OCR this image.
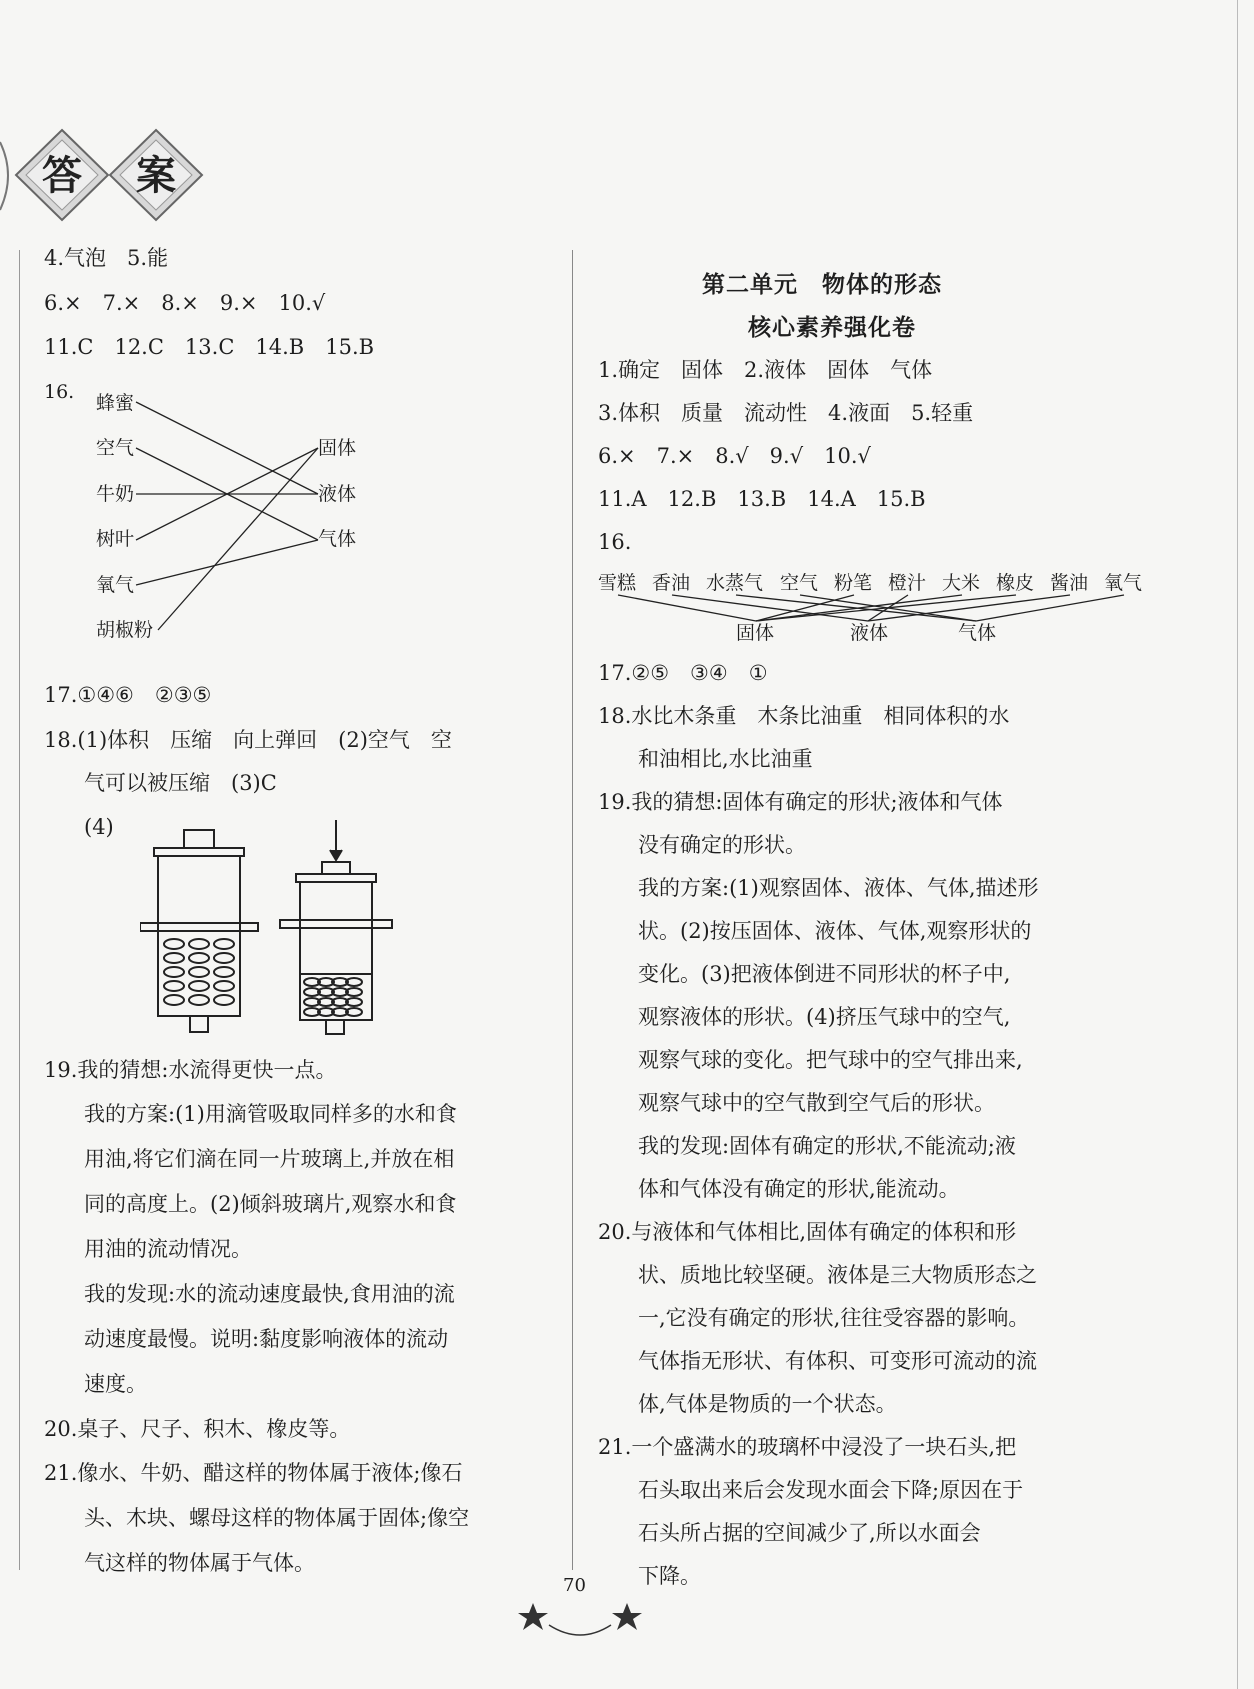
答 案
4.气泡　5.能
6.×　7.×　8.×　9.×　10.√
11.C　12.C　13.C　14.B　15.B
16. 蜂蜜
空气
牛奶
树叶
氧气
胡椒粉
固体
液体
气体
17.①④⑥　②③⑤
18.(1)体积　压缩　向上弹回　(2)空气　空
气可以被压缩　(3)C
(4)
19.我的猜想:水流得更快一点。
我的方案:(1)用滴管吸取同样多的水和食
用油,将它们滴在同一片玻璃上,并放在相
同的高度上。(2)倾斜玻璃片,观察水和食
用油的流动情况。
我的发现:水的流动速度最快,食用油的流
动速度最慢。说明:黏度影响液体的流动
速度。
20.桌子、尺子、积木、橡皮等。
21.像水、牛奶、醋这样的物体属于液体;像石
头、木块、螺母这样的物体属于固体;像空
气这样的物体属于气体。
第二单元　物体的形态
核心素养强化卷
1.确定　固体　2.液体　固体　气体
3.体积　质量　流动性　4.液面　5.轻重
6.×　7.×　8.√　9.√　10.√
11.A　12.B　13.B　14.A　15.B
16.
雪糕 香油 水蒸气 空气 粉笔 橙汁 大米 橡皮 酱油 氧气
固体	液体	气体
17.②⑤　③④　①
18.水比木条重　木条比油重　相同体积的水
和油相比,水比油重
19.我的猜想:固体有确定的形状;液体和气体
没有确定的形状。
我的方案:(1)观察固体、液体、气体,描述形
状。(2)按压固体、液体、气体,观察形状的
变化。(3)把液体倒进不同形状的杯子中,
观察液体的形状。(4)挤压气球中的空气,
观察气球的变化。把气球中的空气排出来,
观察气球中的空气散到空气后的形状。
我的发现:固体有确定的形状,不能流动;液
体和气体没有确定的形状,能流动。
20.与液体和气体相比,固体有确定的体积和形
状、质地比较坚硬。液体是三大物质形态之
一,它没有确定的形状,往往受容器的影响。
气体指无形状、有体积、可变形可流动的流
体,气体是物质的一个状态。
21.一个盛满水的玻璃杯中浸没了一块石头,把
石头取出来后会发现水面会下降;原因在于
石头所占据的空间减少了,所以水面会
下降。
70
